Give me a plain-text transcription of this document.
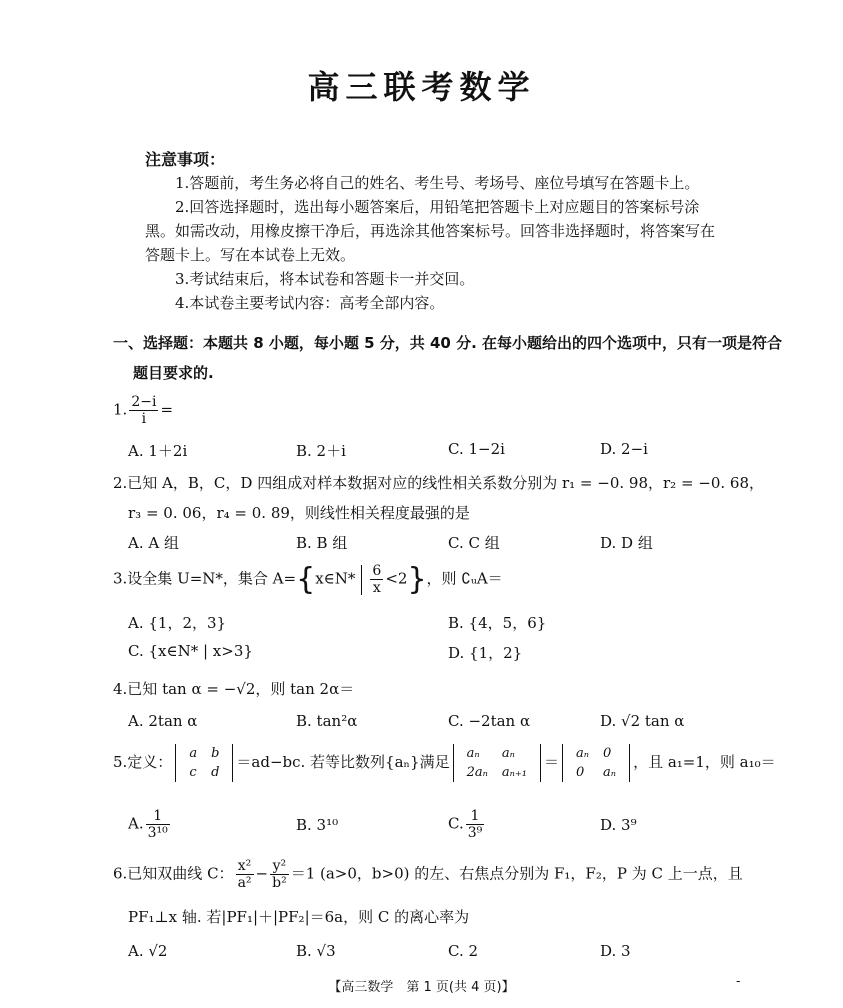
高三联考数学
注意事项：
1.答题前，考生务必将自己的姓名、考生号、考场号、座位号填写在答题卡上。
2.回答选择题时，选出每小题答案后，用铅笔把答题卡上对应题目的答案标号涂
黑。如需改动，用橡皮擦干净后，再选涂其他答案标号。回答非选择题时，将答案写在
答题卡上。写在本试卷上无效。
3.考试结束后，将本试卷和答题卡一并交回。
4.本试卷主要考试内容：高考全部内容。
一、选择题：本题共 8 小题，每小题 5 分，共 40 分. 在每小题给出的四个选项中，只有一项是符合
题目要求的.
1. $\frac{2-i}{i}$ =
A. 1＋2i	B. 2＋i	C. 1−2i	D. 2−i
2.已知 A，B，C，D 四组成对样本数据对应的线性相关系数分别为 r₁ = −0. 98，r₂ = −0. 68，
r₃ = 0. 06，r₄ = 0. 89，则线性相关程度最强的是
A. A 组	B. B 组	C. C 组	D. D 组
3.设全集 U=N*，集合 A={x∈N* $\frac{6}{x} <2$}，则 ∁ᵤA＝
A. {1，2，3}	B. {4，5，6}
C. {x∈N* | x>3}	D. {1，2}
4.已知 tan α = −√2，则 tan 2α＝
A. 2tan α	B. tan²α	C. −2tan α	D. √2 tan α
5.定义： a	b
c	d
＝ad−bc. 若等比数列{aₙ}满足 aₙ	aₙ
2aₙ	aₙ₊₁
＝ aₙ	0
0	aₙ
，且 a₁=1，则 a₁₀＝
A. $\frac{1}{\text{3¹⁰}}$	B. 3¹⁰	C. $\frac{1}{\text{3⁹}}$	D. 3⁹
6.已知双曲线 C： $\frac{\text{x²}}{\text{a²}} - \frac{\text{y²}}{\text{b²}} =1$ (a>0，b>0) 的左、右焦点分别为 F₁，F₂，P 为 C 上一点，且
PF₁⊥x 轴. 若|PF₁|＋|PF₂|＝6a，则 C 的离心率为
A. √2	B. √3	C. 2	D. 3
【高三数学　第 1 页(共 4 页)】	-
